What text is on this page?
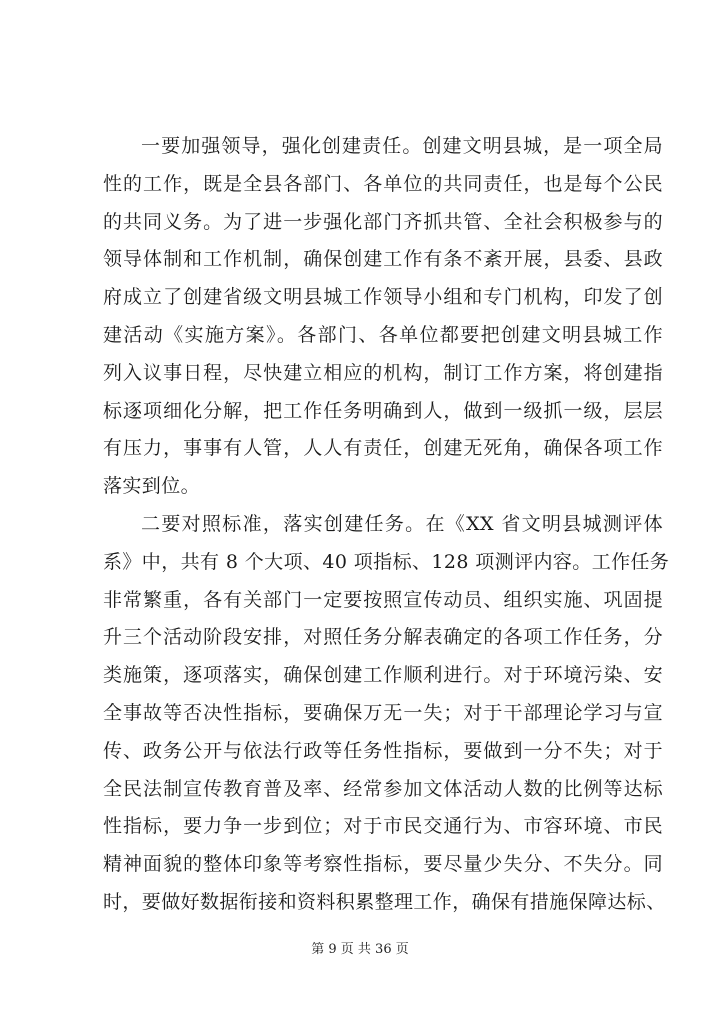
一要加强领导，强化创建责任。创建文明县城，是一项全局
性的工作，既是全县各部门、各单位的共同责任，也是每个公民
的共同义务。为了进一步强化部门齐抓共管、全社会积极参与的
领导体制和工作机制，确保创建工作有条不紊开展，县委、县政
府成立了创建省级文明县城工作领导小组和专门机构，印发了创
建活动《实施方案》。各部门、各单位都要把创建文明县城工作
列入议事日程，尽快建立相应的机构，制订工作方案，将创建指
标逐项细化分解，把工作任务明确到人，做到一级抓一级，层层
有压力，事事有人管，人人有责任，创建无死角，确保各项工作
落实到位。
二要对照标准，落实创建任务。在《XX 省文明县城测评体
系》中，共有 8 个大项、40 项指标、128 项测评内容。工作任务
非常繁重，各有关部门一定要按照宣传动员、组织实施、巩固提
升三个活动阶段安排，对照任务分解表确定的各项工作任务，分
类施策，逐项落实，确保创建工作顺利进行。对于环境污染、安
全事故等否决性指标，要确保万无一失；对于干部理论学习与宣
传、政务公开与依法行政等任务性指标，要做到一分不失；对于
全民法制宣传教育普及率、经常参加文体活动人数的比例等达标
性指标，要力争一步到位；对于市民交通行为、市容环境、市民
精神面貌的整体印象等考察性指标，要尽量少失分、不失分。同
时，要做好数据衔接和资料积累整理工作，确保有措施保障达标、
第 9 页 共 36 页
